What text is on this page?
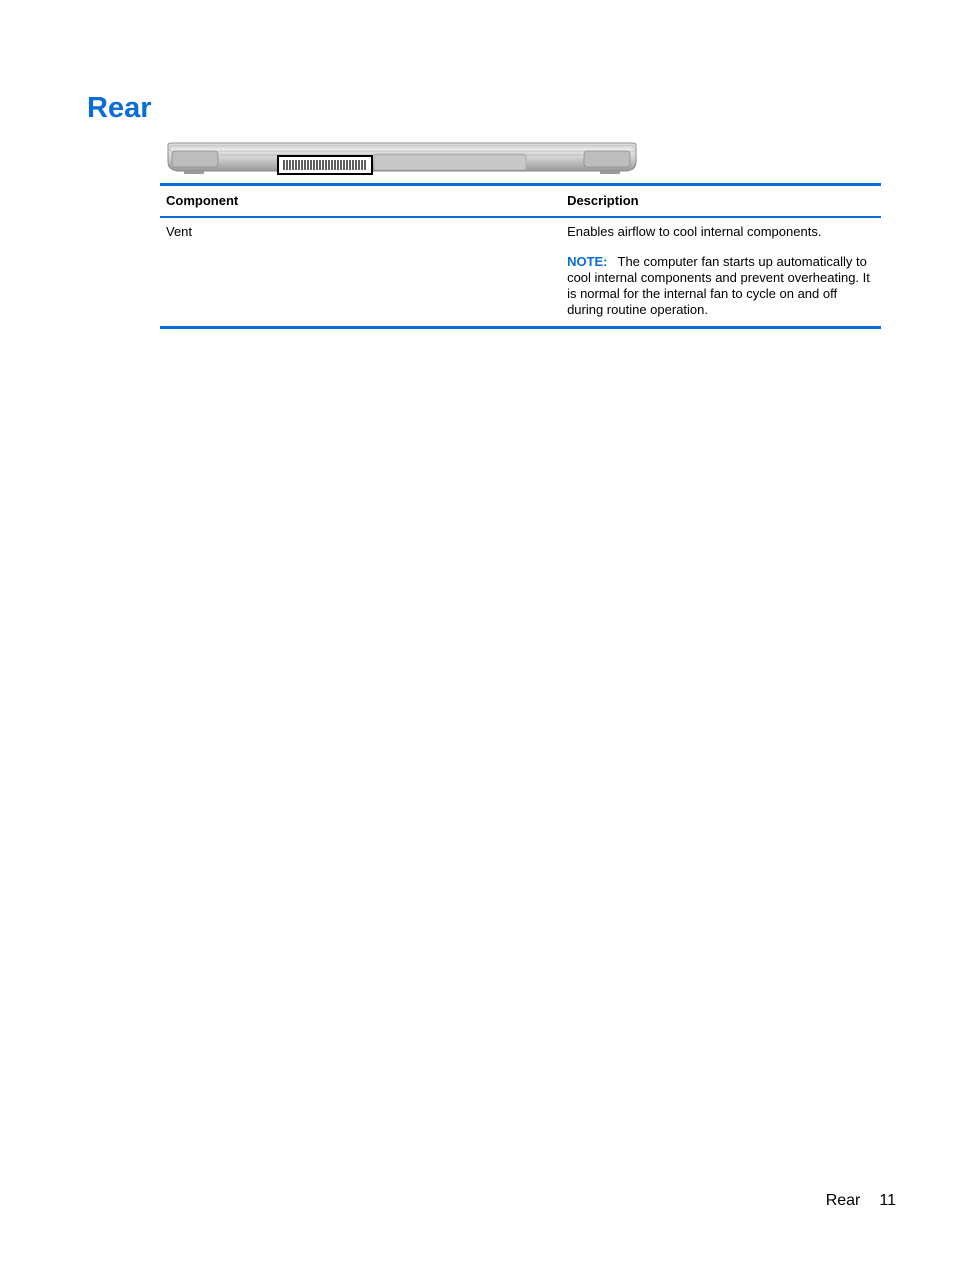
Rear
Component	Description
Vent	Enables airflow to cool internal components.

NOTE: The computer fan starts up automatically to cool internal components and prevent overheating. It is normal for the internal fan to cycle on and off during routine operation.

Rear 11
